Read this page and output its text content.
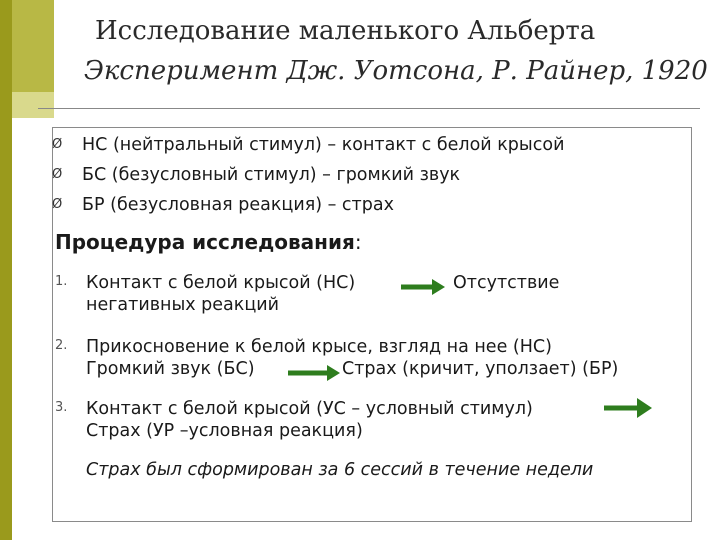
Исследование маленького Альберта
Эксперимент Дж. Уотсона, Р. Райнер, 1920
Ø НС (нейтральный стимул) – контакт с белой крысой
Ø БС (безусловный стимул) – громкий звук
Ø БР (безусловная реакция) – страх
Процедура исследования:
1. Контакт с белой крысой (НС)	Отсутствие
негативных реакций
2. Прикосновение к белой крысе, взгляд на нее (НС)
Громкий звук (БС)	Страх (кричит, уползает) (БР)
3. Контакт с белой крысой (УС – условный стимул)
Страх (УР –условная реакция)
Страх был сформирован за 6 сессий в течение недели
